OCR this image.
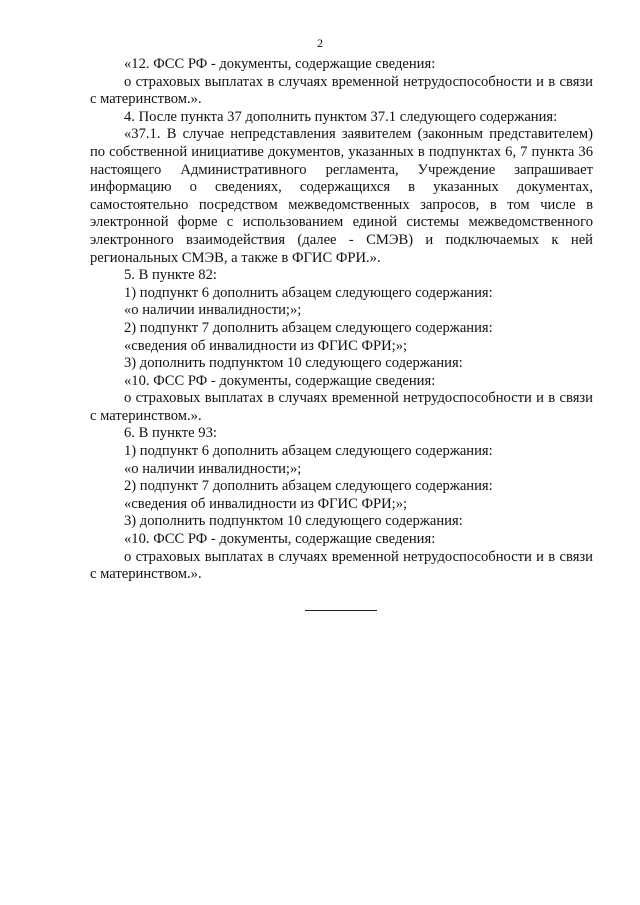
2

«12. ФСС РФ - документы, содержащие сведения:

о страховых выплатах в случаях временной нетрудоспособности и в связи с материнством.».

4. После пункта 37 дополнить пунктом 37.1 следующего содержания:

«37.1. В случае непредставления заявителем (законным представителем) по собственной инициативе документов, указанных в подпунктах 6, 7 пункта 36 настоящего Административного регламента, Учреждение запрашивает информацию о сведениях, содержащихся в указанных документах, самостоятельно посредством межведомственных запросов, в том числе в электронной форме с использованием единой системы межведомственного электронного взаимодействия (далее - СМЭВ) и подключаемых к ней региональных СМЭВ, а также в ФГИС ФРИ.».

5. В пункте 82:

1) подпункт 6 дополнить абзацем следующего содержания:

«о наличии инвалидности;»;

2) подпункт 7 дополнить абзацем следующего содержания:

«сведения об инвалидности из ФГИС ФРИ;»;

3) дополнить подпунктом 10 следующего содержания:

«10. ФСС РФ - документы, содержащие сведения:

о страховых выплатах в случаях временной нетрудоспособности и в связи с материнством.».

6. В пункте 93:

1) подпункт 6 дополнить абзацем следующего содержания:

«о наличии инвалидности;»;

2) подпункт 7 дополнить абзацем следующего содержания:

«сведения об инвалидности из ФГИС ФРИ;»;

3) дополнить подпунктом 10 следующего содержания:

«10. ФСС РФ - документы, содержащие сведения:

о страховых выплатах в случаях временной нетрудоспособности и в связи с материнством.».
